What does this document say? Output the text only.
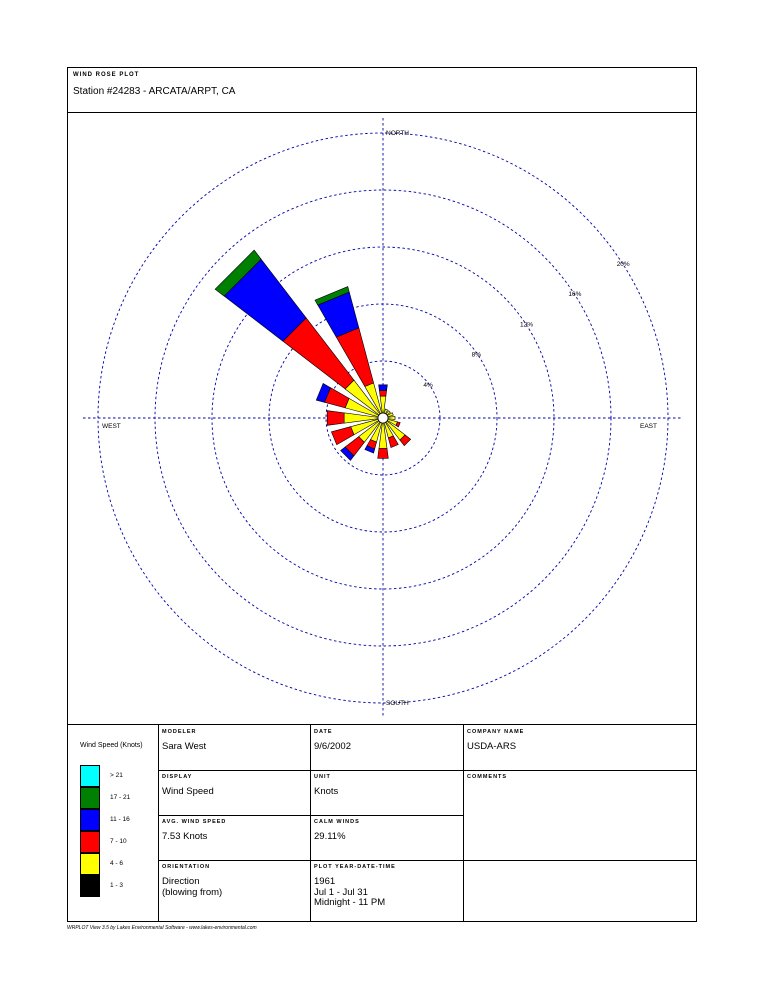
WIND ROSE PLOT
Station #24283 - ARCATA/ARPT, CA
4%
8%
12%
16%
20%
NORTH
SOUTH
EAST
WEST
Wind Speed (Knots)
> 21
17 - 21
11 - 16
7 - 10
4 - 6
1 - 3
MODELER
Sara West
DATE
9/6/2002
COMPANY NAME
USDA-ARS
DISPLAY
Wind Speed
UNIT
Knots
COMMENTS
AVG. WIND SPEED
7.53 Knots
CALM WINDS
29.11%
ORIENTATION
Direction
(blowing from)
PLOT YEAR-DATE-TIME
1961
Jul 1 - Jul 31
Midnight - 11 PM
WRPLOT View 3.5 by Lakes Environmental Software - www.lakes-environmental.com
